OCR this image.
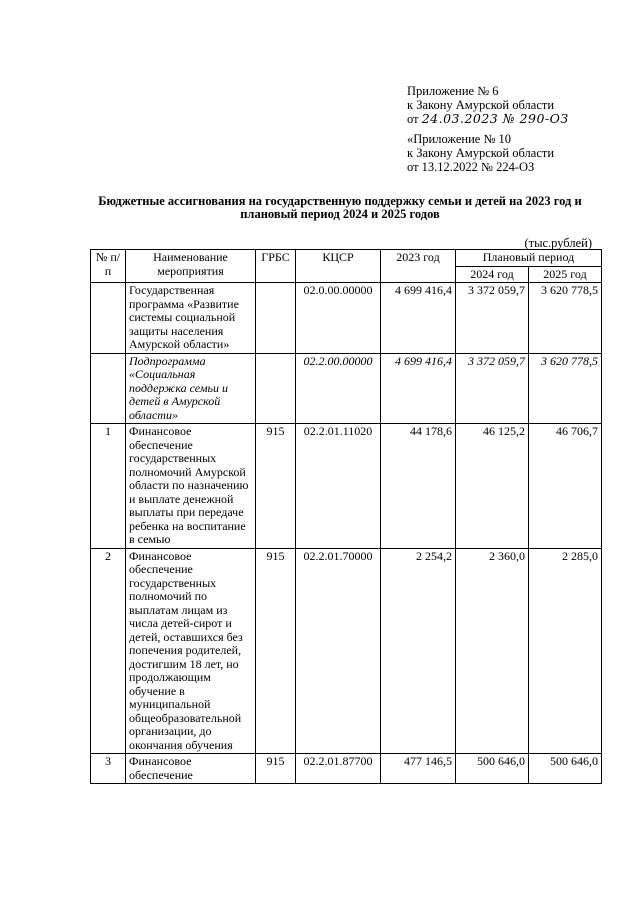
Приложение № 6
к Закону Амурской области
от 24.03.2023 № 290-ОЗ
«Приложение № 10
к Закону Амурской области
от 13.12.2022 № 224-ОЗ
Бюджетные ассигнования на государственную поддержку семьи и детей на 2023 год и
плановый период 2024 и 2025 годов
(тыс.рублей)
№ п/п	Наименование мероприятия	ГРБС	КЦСР	2023 год	Плановый период	
					2024 год	2025 год
	Государственная программа «Развитие системы социальной защиты населения Амурской области»		02.0.00.00000	4 699 416,4	3 372 059,7	3 620 778,5
	Подпрограмма «Социальная поддержка семьи и детей в Амурской области»		02.2.00.00000	4 699 416,4	3 372 059,7	3 620 778,5
1	Финансовое обеспечение государственных полномочий Амурской области по назначению и выплате денежной выплаты при передаче ребенка на воспитание в семью	915	02.2.01.11020	44 178,6	46 125,2	46 706,7
2	Финансовое обеспечение государственных полномочий по выплатам лицам из числа детей-сирот и детей, оставшихся без попечения родителей, достигшим 18 лет, но продолжающим обучение в муниципальной общеобразовательной организации, до окончания обучения	915	02.2.01.70000	2 254,2	2 360,0	2 285,0
3	Финансовое обеспечение	915	02.2.01.87700	477 146,5	500 646,0	500 646,0
